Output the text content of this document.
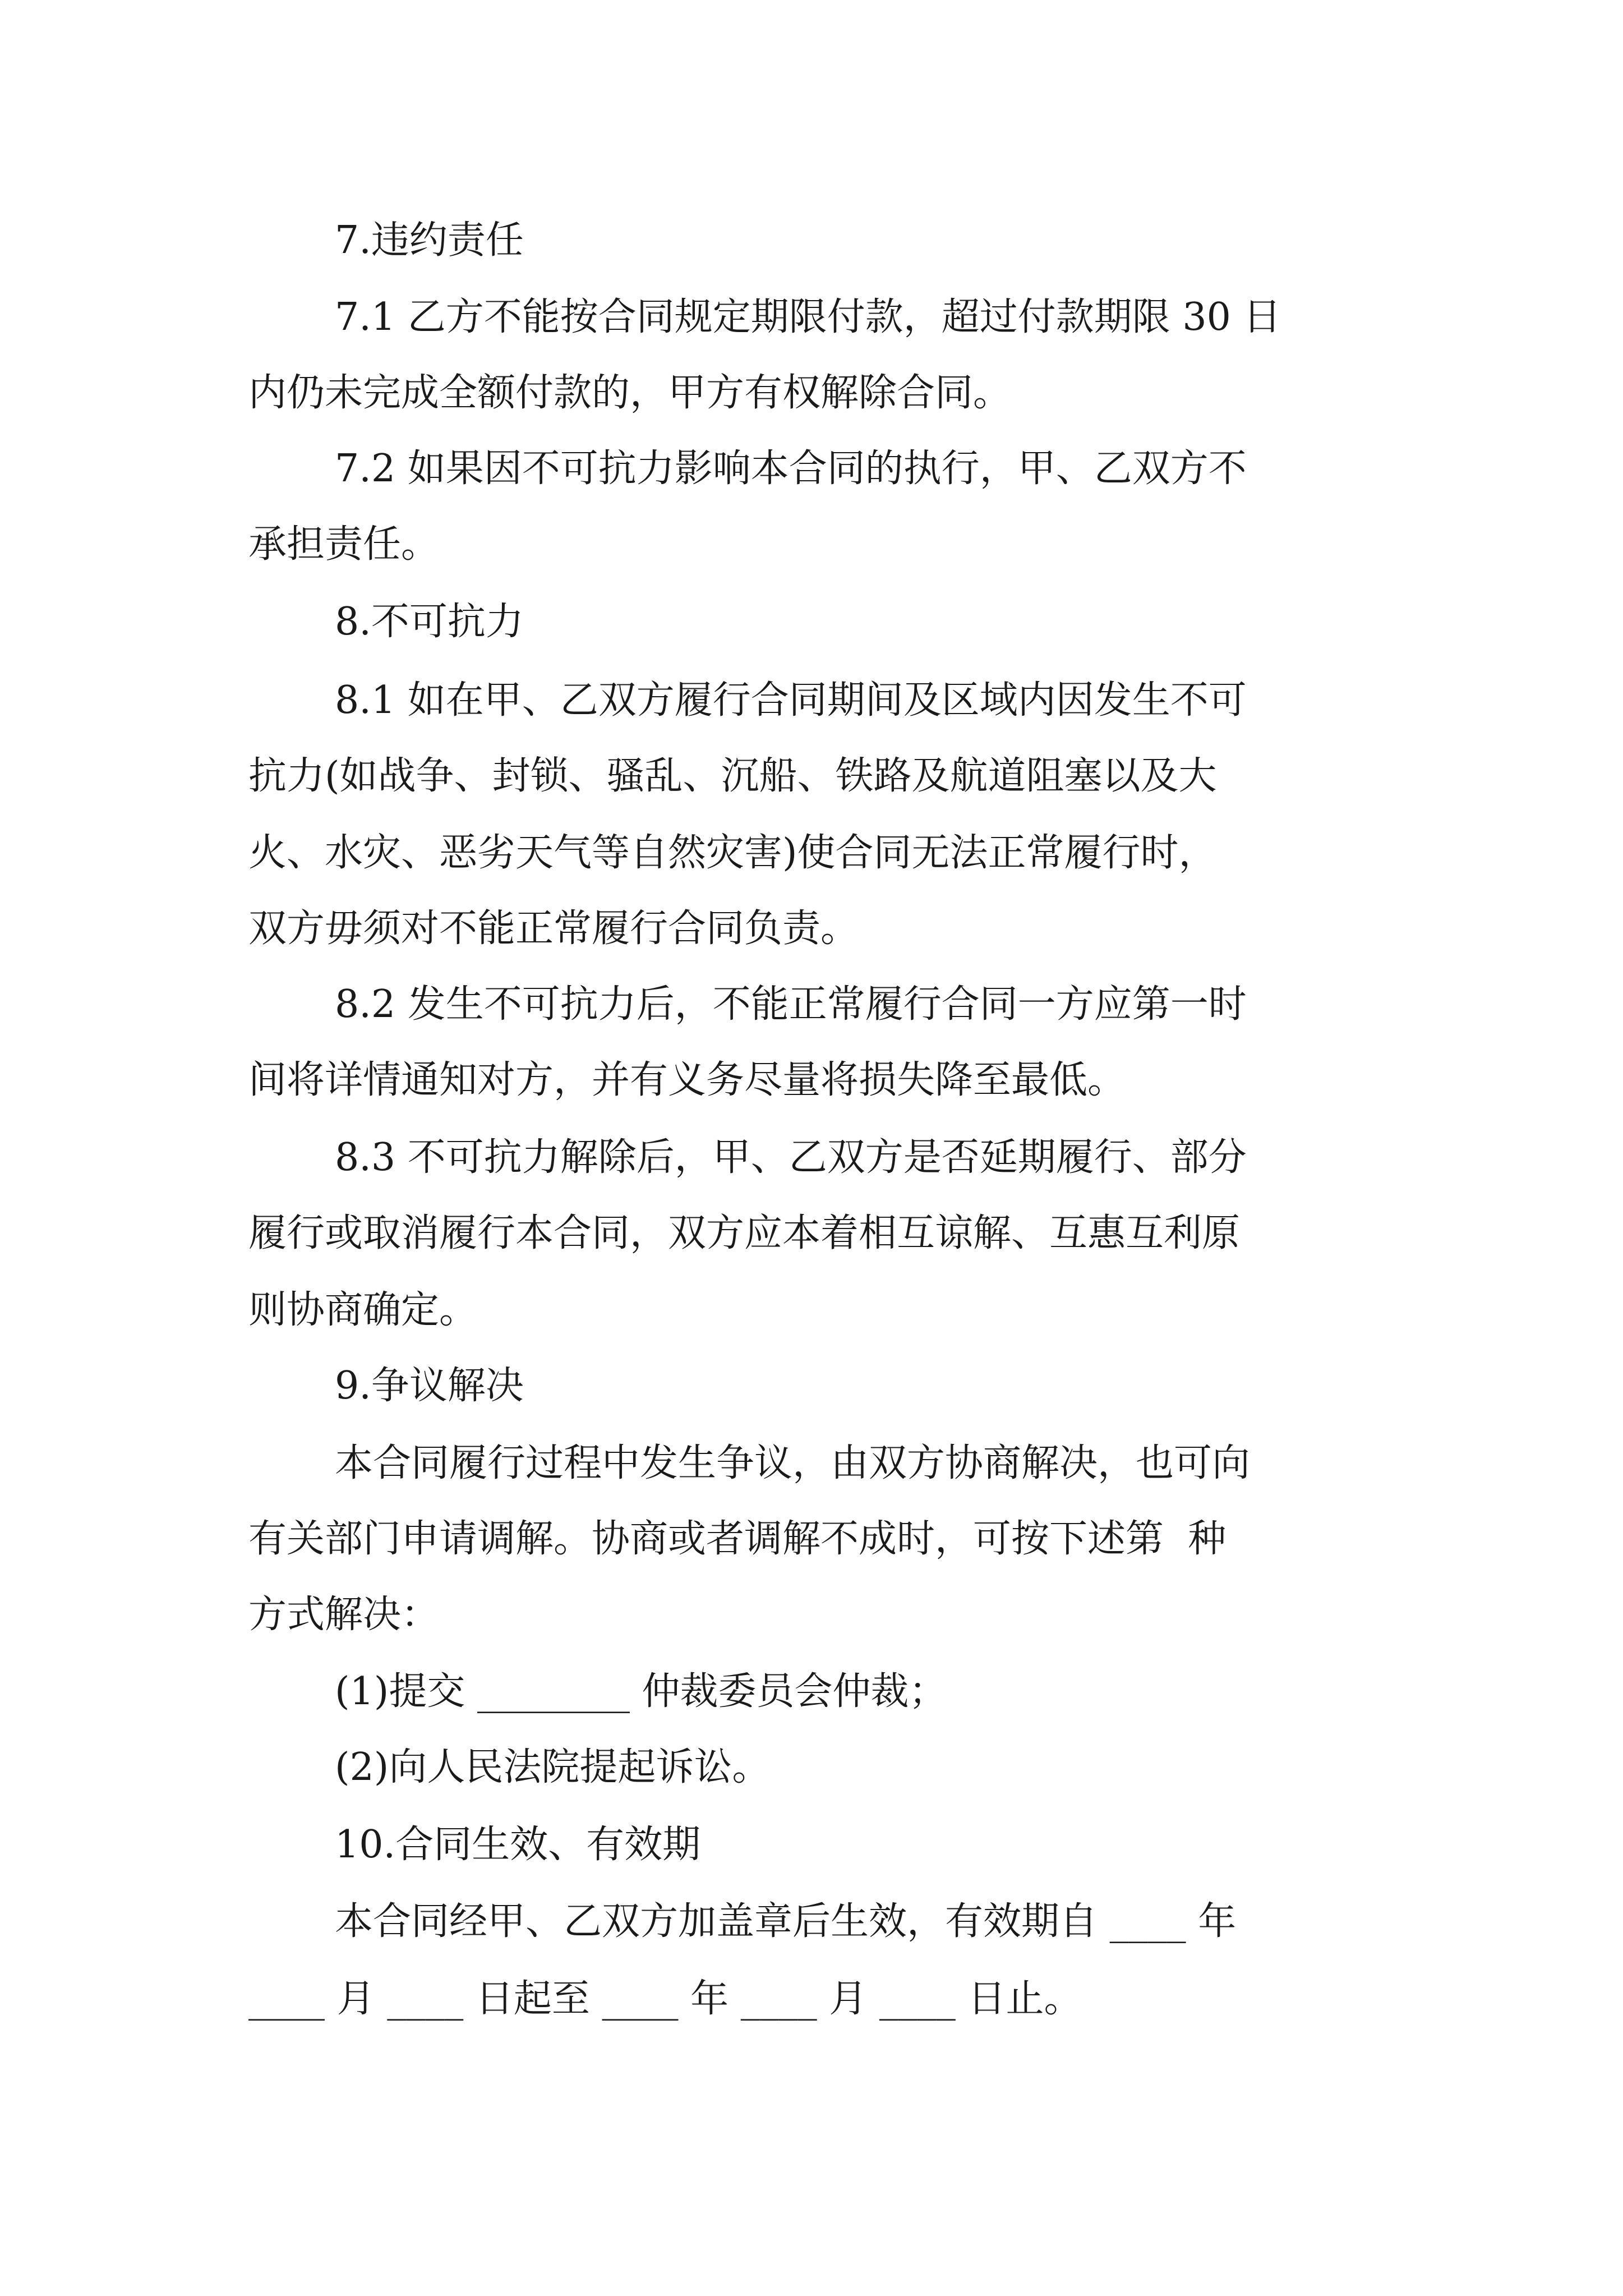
7.违约责任
7.1 乙方不能按合同规定期限付款，超过付款期限 30 日
内仍未完成全额付款的，甲方有权解除合同。
7.2 如果因不可抗力影响本合同的执行，甲、乙双方不
承担责任。
8.不可抗力
8.1 如在甲、乙双方履行合同期间及区域内因发生不可
抗力(如战争、封锁、骚乱、沉船、铁路及航道阻塞以及大
火、水灾、恶劣天气等自然灾害)使合同无法正常履行时，
双方毋须对不能正常履行合同负责。
8.2 发生不可抗力后，不能正常履行合同一方应第一时
间将详情通知对方，并有义务尽量将损失降至最低。
8.3 不可抗力解除后，甲、乙双方是否延期履行、部分
履行或取消履行本合同，双方应本着相互谅解、互惠互利原
则协商确定。
9.争议解决
本合同履行过程中发生争议，由双方协商解决，也可向
有关部门申请调解。协商或者调解不成时，可按下述第  种
方式解决：
(1)提交 ________ 仲裁委员会仲裁；
(2)向人民法院提起诉讼。
10.合同生效、有效期
本合同经甲、乙双方加盖章后生效，有效期自 ____ 年
____ 月 ____ 日起至 ____ 年 ____ 月 ____ 日止。
